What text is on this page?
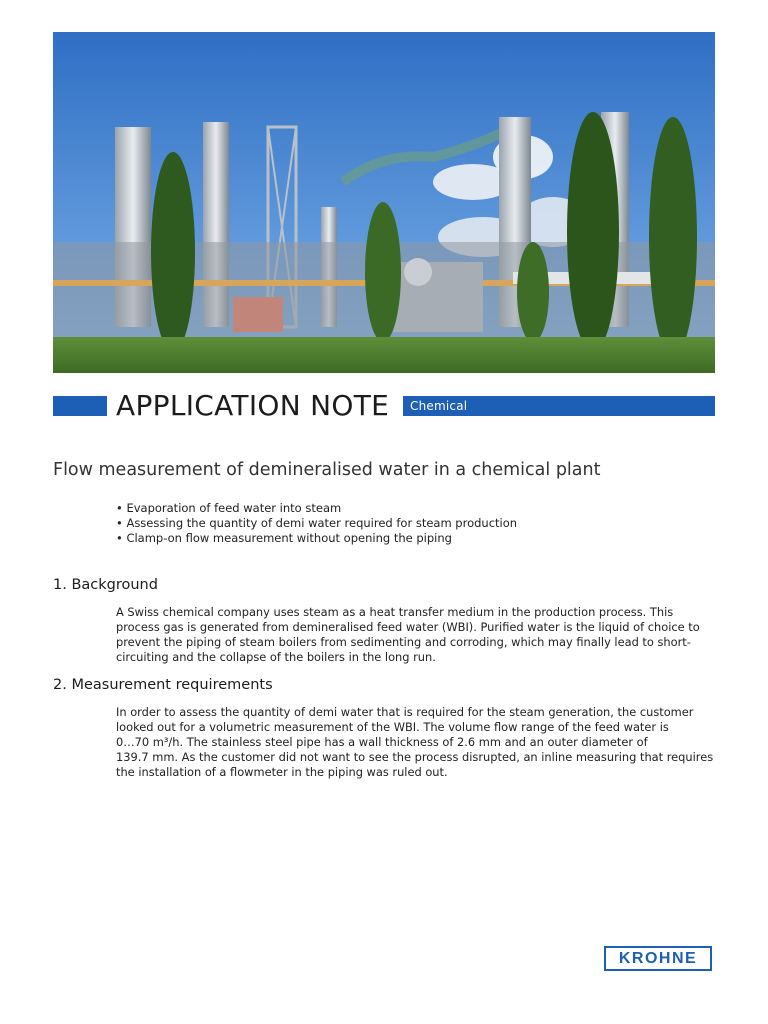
APPLICATION NOTE	Chemical
Flow measurement of demineralised water in a chemical plant
• Evaporation of feed water into steam
• Assessing the quantity of demi water required for steam production
• Clamp-on flow measurement without opening the piping
1. Background

A Swiss chemical company uses steam as a heat transfer medium in the production process. This
process gas is generated from demineralised feed water (WBI). Purified water is the liquid of choice to
prevent the piping of steam boilers from sedimenting and corroding, which may finally lead to short-
circuiting and the collapse of the boilers in the long run.

2. Measurement requirements

In order to assess the quantity of demi water that is required for the steam generation, the customer
looked out for a volumetric measurement of the WBI. The volume flow range of the feed water is
0…70 m³/h. The stainless steel pipe has a wall thickness of 2.6 mm and an outer diameter of
139.7 mm. As the customer did not want to see the process disrupted, an inline measuring that requires
the installation of a flowmeter in the piping was ruled out.

KROHNE
